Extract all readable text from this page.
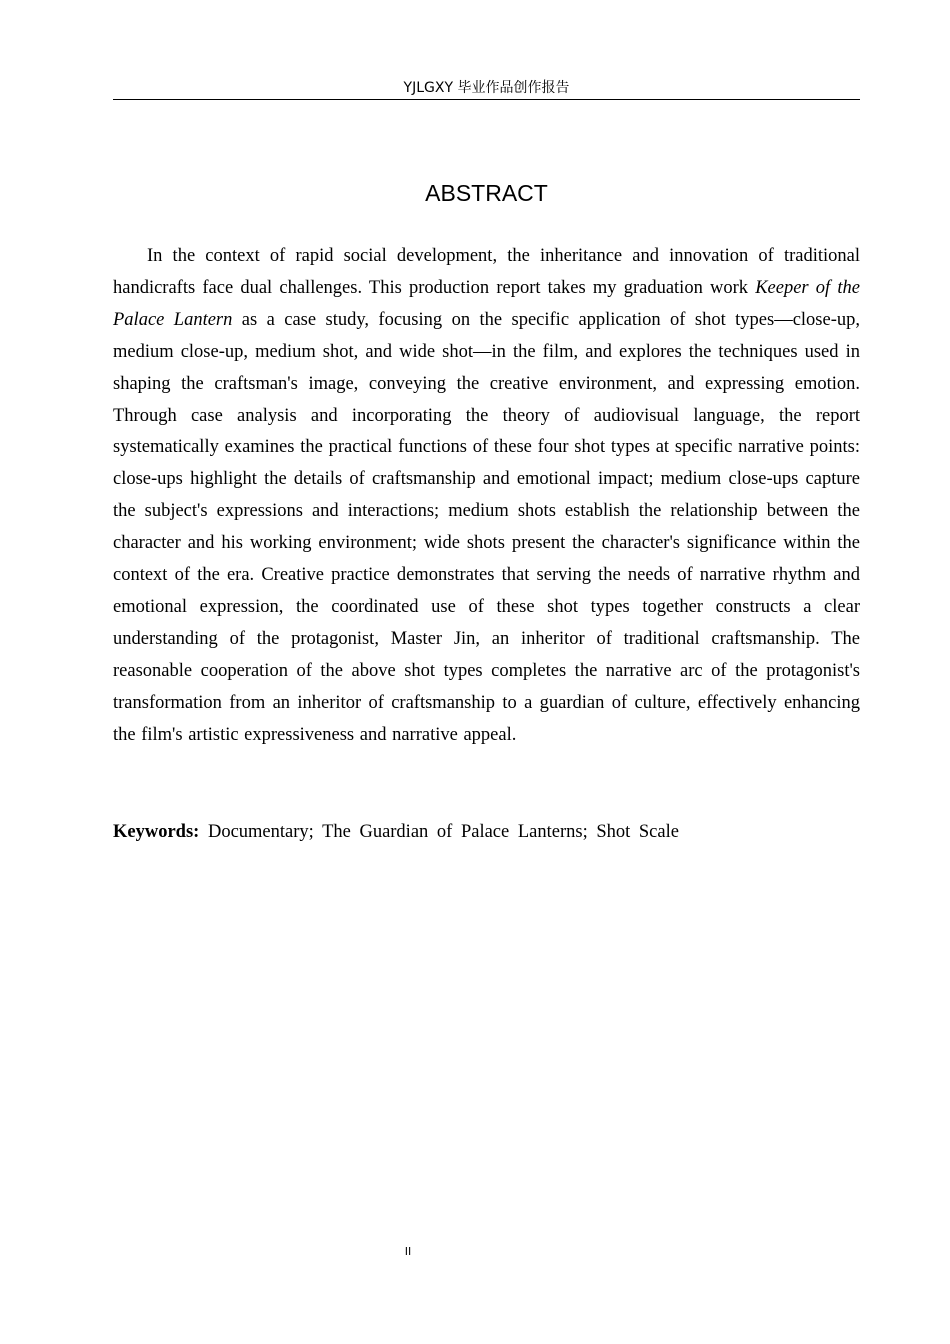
YJLGXY 毕业作品创作报告
ABSTRACT

In the context of rapid social development, the inheritance and innovation of traditional handicrafts face dual challenges. This production report takes my graduation work Keeper of the Palace Lantern as a case study, focusing on the specific application of shot types—close-up, medium close-up, medium shot, and wide shot—in the film, and explores the techniques used in shaping the craftsman's image, conveying the creative environment, and expressing emotion. Through case analysis and incorporating the theory of audiovisual language, the report systematically examines the practical functions of these four shot types at specific narrative points: close-ups highlight the details of craftsmanship and emotional impact; medium close-ups capture the subject's expressions and interactions; medium shots establish the relationship between the character and his working environment; wide shots present the character's significance within the context of the era. Creative practice demonstrates that serving the needs of narrative rhythm and emotional expression, the coordinated use of these shot types together constructs a clear understanding of the protagonist, Master Jin, an inheritor of traditional craftsmanship. The reasonable cooperation of the above shot types completes the narrative arc of the protagonist's transformation from an inheritor of craftsmanship to a guardian of culture, effectively enhancing the film's artistic expressiveness and narrative appeal.

Keywords: Documentary; The Guardian of Palace Lanterns; Shot Scale

II
